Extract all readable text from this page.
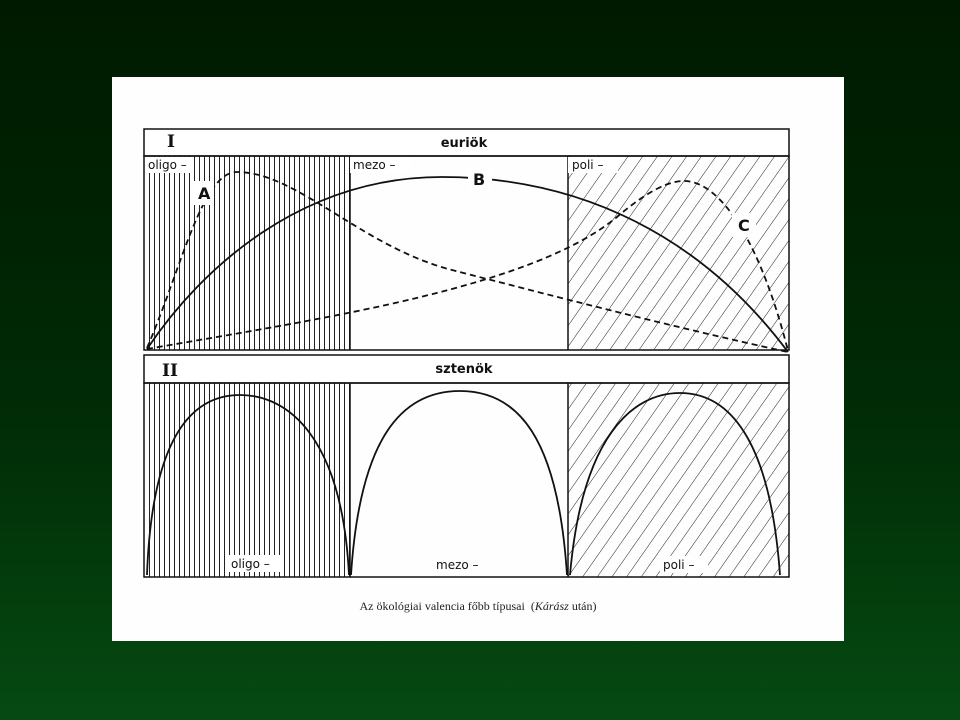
I	euriök
oligo –	mezo –	poli –
A
B
C
II	sztenök
oligo –	mezo –	poli –
Az ökológiai valencia főbb típusai (Kárász után)
